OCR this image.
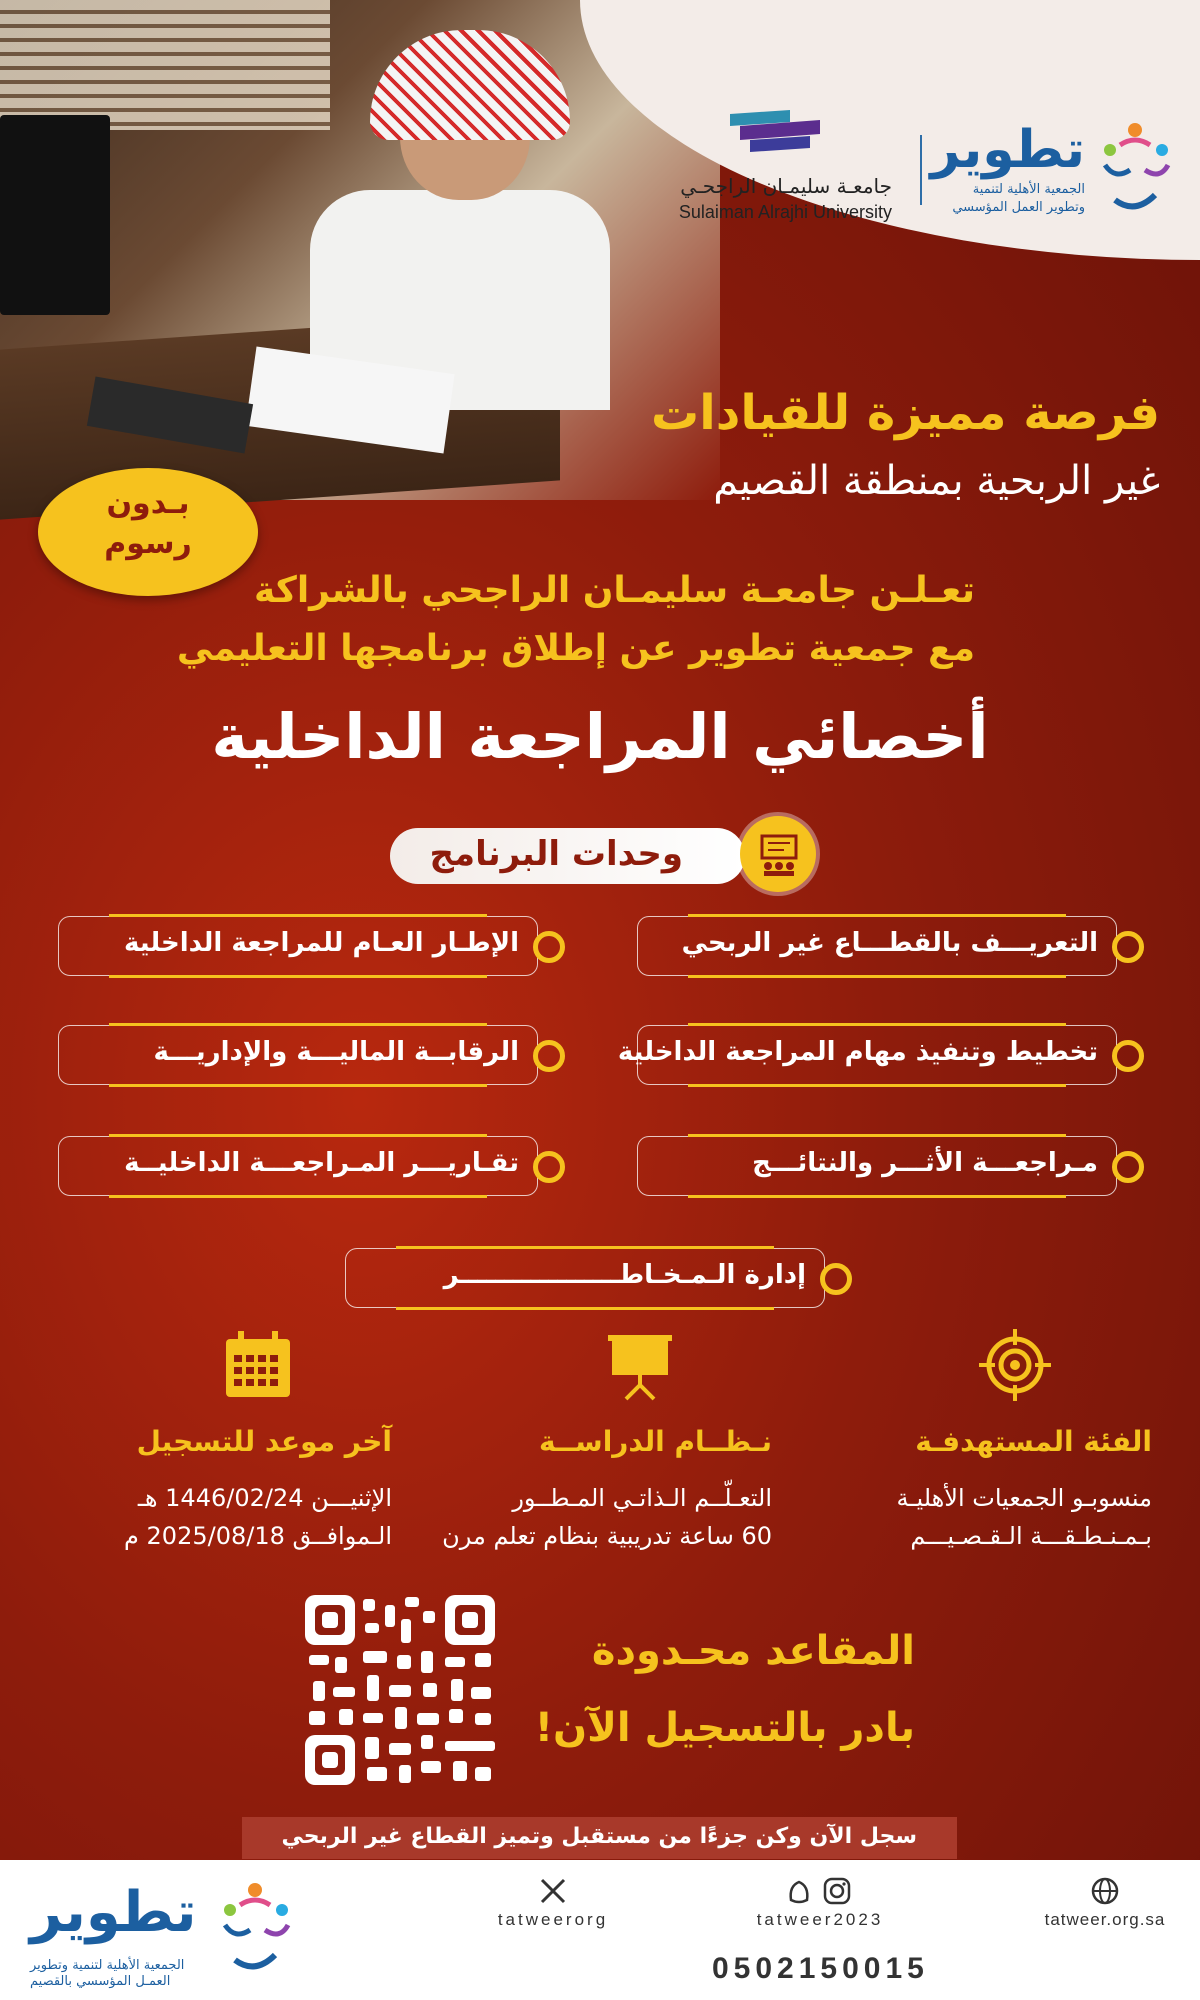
جامعـة سليمـان الراجحـي
Sulaiman Alrajhi University
تطوير
الجمعية الأهلية لتنمية
وتطوير العمل المؤسسي
فرصة مميزة للقيادات
غير الربحية بمنطقة القصيم
بـدون
رسوم
تعـلـن جامعـة سليمـان الراجحي بالشراكة
مع جمعية تطوير عن إطلاق برنامجها التعليمي
أخصائي المراجعة الداخلية
وحدات البرنامج
التعريـــف بالقطـــاع غير الربحي
الإطـار العـام للمراجعة الداخلية
تخطيط وتنفيذ مهام المراجعة الداخلية
الرقابــة الماليـــة والإداريـــة
مـراجعـــة الأثـــر والنتائـــج
تقـاريـــر المـراجعـــة الداخليــة
إدارة الـمـخـاطــــــــــــــــــر
الفئة المستهدفـة
منسوبـو الجمعيات الأهليـة
بـمـنـطـقـــة الـقـصـيـــم
نـظــام الدراســة
التعـلّــم الـذاتـي المـطــور
60 ساعة تدريبية بنظام تعلم مرن
آخر موعد للتسجيل
الإثنيـــن 1446/02/24 هـ
الـموافــق 2025/08/18 م
المقاعد محـدودة
بادر بالتسجيل الآن!
سجل الآن وكن جزءًا من مستقبل وتميز القطاع غير الربحي
تطوير
الجمعية الأهلية لتنمية وتطوير
العمـل المؤسسي بالقصيم
tatweerorg	tatweer2023
0502150015
tatweer.org.sa
